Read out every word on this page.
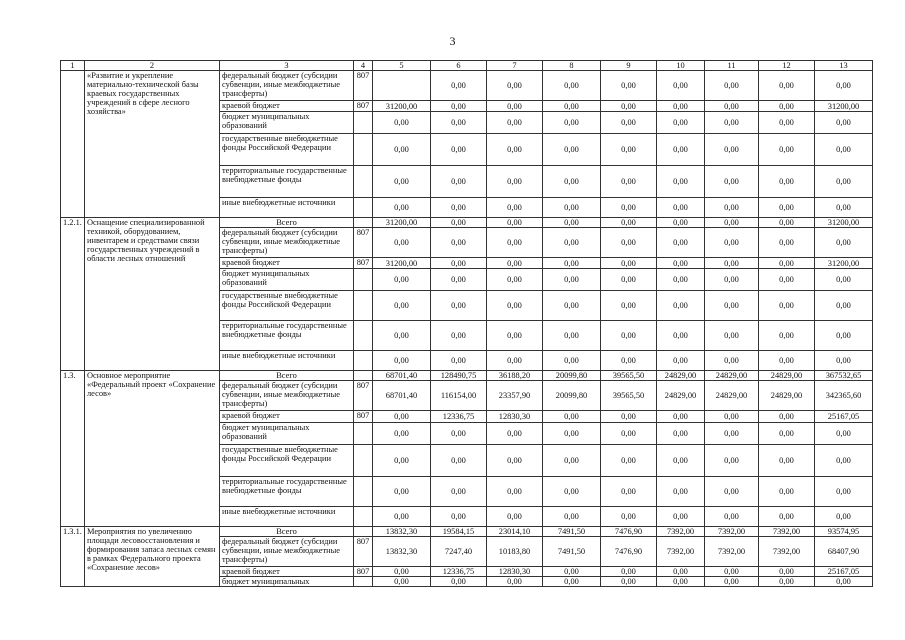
3
1	2	3	4	5	6	7	8	9	10	11	12	13
	«Развитие и укрепление материально-технической базы краевых государственных учреждений в сфере лесного хозяйства»	федеральный бюджет (субсидии субвенции, иные межбюджетные трансферты)	807		0,00	0,00	0,00	0,00	0,00	0,00	0,00	0,00
		краевой бюджет	807	31200,00	0,00	0,00	0,00	0,00	0,00	0,00	0,00	31200,00
		бюджет муниципальных образований		0,00	0,00	0,00	0,00	0,00	0,00	0,00	0,00	0,00
		государственные внебюджетные фонды Российской Федерации		0,00	0,00	0,00	0,00	0,00	0,00	0,00	0,00	0,00
		территориальные государственные внебюджетные фонды		0,00	0,00	0,00	0,00	0,00	0,00	0,00	0,00	0,00
		иные внебюджетные источники		0,00	0,00	0,00	0,00	0,00	0,00	0,00	0,00	0,00
1.2.1.	Оснащение специализированной техникой, оборудованием, инвентарем и средствами связи государственных учреждений в области лесных отношений	Всего		31200,00	0,00	0,00	0,00	0,00	0,00	0,00	0,00	31200,00
		федеральный бюджет (субсидии субвенции, иные межбюджетные трансферты)	807	0,00	0,00	0,00	0,00	0,00	0,00	0,00	0,00	0,00
		краевой бюджет	807	31200,00	0,00	0,00	0,00	0,00	0,00	0,00	0,00	31200,00
		бюджет муниципальных образований		0,00	0,00	0,00	0,00	0,00	0,00	0,00	0,00	0,00
		государственные внебюджетные фонды Российской Федерации		0,00	0,00	0,00	0,00	0,00	0,00	0,00	0,00	0,00
		территориальные государственные внебюджетные фонды		0,00	0,00	0,00	0,00	0,00	0,00	0,00	0,00	0,00
		иные внебюджетные источники		0,00	0,00	0,00	0,00	0,00	0,00	0,00	0,00	0,00
1.3.	Основное мероприятие «Федеральный проект «Сохранение лесов»	Всего		68701,40	128490,75	36188,20	20099,80	39565,50	24829,00	24829,00	24829,00	367532,65
		федеральный бюджет (субсидии субвенции, иные межбюджетные трансферты)	807	68701,40	116154,00	23357,90	20099,80	39565,50	24829,00	24829,00	24829,00	342365,60
		краевой бюджет	807	0,00	12336,75	12830,30	0,00	0,00	0,00	0,00	0,00	25167,05
		бюджет муниципальных образований		0,00	0,00	0,00	0,00	0,00	0,00	0,00	0,00	0,00
		государственные внебюджетные фонды Российской Федерации		0,00	0,00	0,00	0,00	0,00	0,00	0,00	0,00	0,00
		территориальные государственные внебюджетные фонды		0,00	0,00	0,00	0,00	0,00	0,00	0,00	0,00	0,00
		иные внебюджетные источники		0,00	0,00	0,00	0,00	0,00	0,00	0,00	0,00	0,00
1.3.1.	Мероприятия по увеличению площади лесовосстановления и формирования запаса лесных семян в рамках Федерального проекта «Сохранение лесов»	Всего		13832,30	19584,15	23014,10	7491,50	7476,90	7392,00	7392,00	7392,00	93574,95
		федеральный бюджет (субсидии субвенции, иные межбюджетные трансферты)	807	13832,30	7247,40	10183,80	7491,50	7476,90	7392,00	7392,00	7392,00	68407,90
		краевой бюджет	807	0,00	12336,75	12830,30	0,00	0,00	0,00	0,00	0,00	25167,05
		бюджет муниципальных		0,00	0,00	0,00	0,00	0,00	0,00	0,00	0,00	0,00
